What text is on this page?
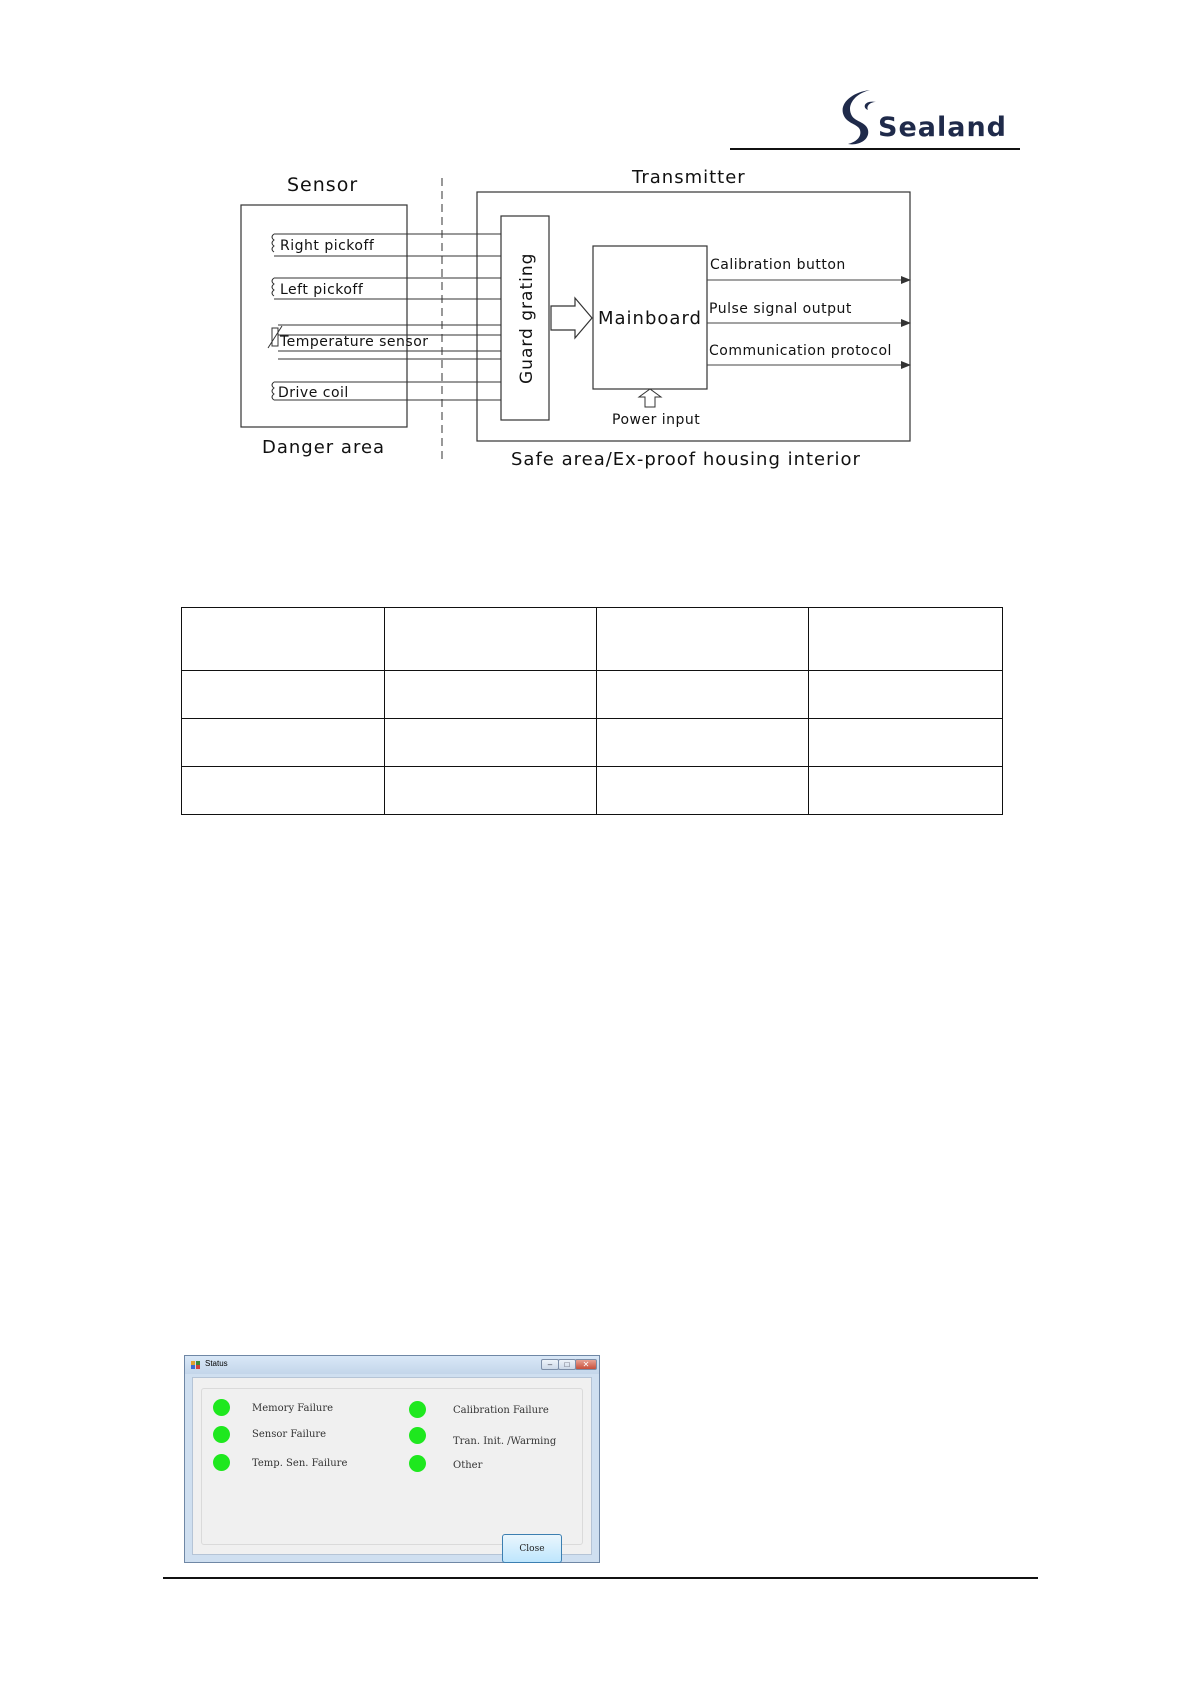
Sealand
Sensor	Transmitter
Right pickoff
Left pickoff
Temperature sensor
Drive coil
Guard grating	Mainboard
Calibration button
Pulse signal output
Communication protocol
Power input
Danger area
Safe area/Ex-proof housing interior

Status	–	□	✕
Memory Failure
Sensor Failure
Temp. Sen. Failure
Calibration Failure
Tran. Init. /Warming
Other
Close
